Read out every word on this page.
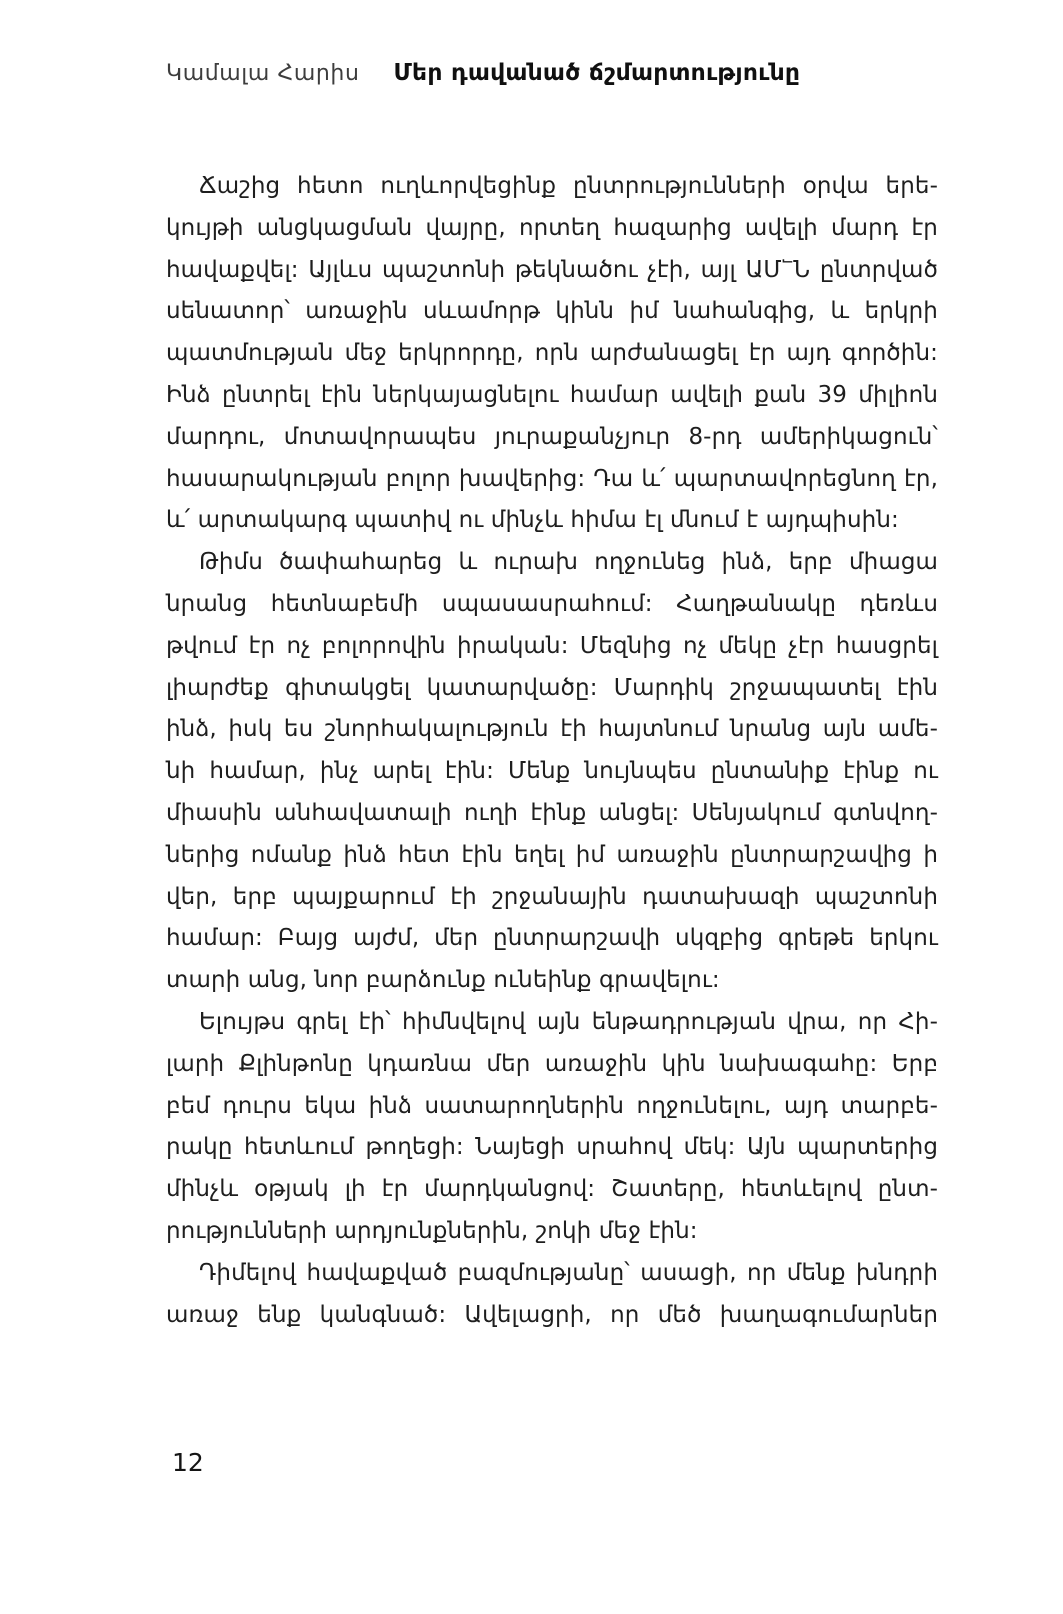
Կամալա Հարիս Մեր դավանած ճշմարտությունը
Ճաշից հետո ուղևորվեցինք ընտրությունների օրվա երե-
կույթի անցկացման վայրը, որտեղ հազարից ավելի մարդ էր
հավաքվել: Այլևս պաշտոնի թեկնածու չէի, այլ ԱՄ՟Ն ընտրված
սենատոր՝ առաջին սևամորթ կինն իմ նահանգից, և երկրի
պատմության մեջ երկրորդը, որն արժանացել էր այդ գործին:
Ինձ ընտրել էին ներկայացնելու համար ավելի քան 39 միլիոն
մարդու, մոտավորապես յուրաքանչյուր 8-րդ ամերիկացուն՝
հասարակության բոլոր խավերից: Դա և՛ պարտավորեցնող էր,
և՛ արտակարգ պատիվ ու մինչև հիմա էլ մնում է այդպիսին:
Թիմս ծափահարեց և ուրախ ողջունեց ինձ, երբ միացա
նրանց հետնաբեմի սպասասրահում: Հաղթանակը դեռևս
թվում էր ոչ բոլորովին իրական: Մեզնից ոչ մեկը չէր հասցրել
լիարժեք գիտակցել կատարվածը: Մարդիկ շրջապատել էին
ինձ, իսկ ես շնորհակալություն էի հայտնում նրանց այն ամե-
նի համար, ինչ արել էին: Մենք նույնպես ընտանիք էինք ու
միասին անհավատալի ուղի էինք անցել: Սենյակում գտնվող-
ներից ոմանք ինձ հետ էին եղել իմ առաջին ընտրարշավից ի
վեր, երբ պայքարում էի շրջանային դատախազի պաշտոնի
համար: Բայց այժմ, մեր ընտրարշավի սկզբից գրեթե երկու
տարի անց, նոր բարձունք ունեինք գրավելու:
Ելույթս գրել էի՝ հիմնվելով այն ենթադրության վրա, որ Հի-
լարի Քլինթոնը կդառնա մեր առաջին կին նախագահը: Երբ
բեմ դուրս եկա ինձ սատարողներին ողջունելու, այդ տարբե-
րակը հետևում թողեցի: Նայեցի սրահով մեկ: Այն պարտերից
մինչև օթյակ լի էր մարդկանցով: Շատերը, հետևելով ընտ-
րությունների արդյունքներին, շոկի մեջ էին:
Դիմելով հավաքված բազմությանը՝ ասացի, որ մենք խնդրի
առաջ ենք կանգնած: Ավելացրի, որ մեծ խաղագումարներ
12
